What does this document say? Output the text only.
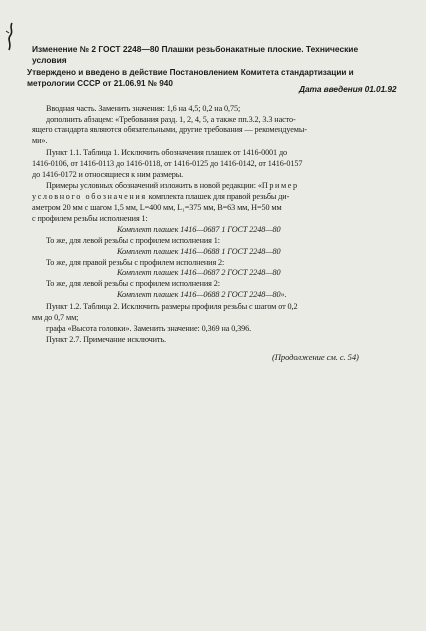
Изменение № 2 ГОСТ 2248—80 Плашки резьбонакатные плоские. Технические
условия
Утверждено и введено в действие Постановлением Комитета стандартизации и
метрологии СССР от 21.06.91 № 940
Дата введения 01.01.92
Вводная часть. Заменить значения: 1,6 на 4,5; 0,2 на 0,75;
дополнить абзацем: «Требования разд. 1, 2, 4, 5, а также пп.3.2, 3.3 насто-
ящего стандарта являются обязательными, другие требования — рекомендуемы-
ми».
Пункт 1.1. Таблица 1. Исключить обозначения плашек от 1416-0001 до
1416-0106, от 1416-0113 до 1416-0118, от 1416-0125 до 1416-0142, от 1416-0157
до 1416-0172 и относящиеся к ним размеры.
Примеры условных обозначений изложить в новой редакции: «Пример
условного обозначения комплекта плашек для правой резьбы ди-
аметром 20 мм с шагом 1,5 мм, L=400 мм, L₁=375 мм, B=63 мм, H=50 мм
с профилем резьбы исполнения 1:
Комплект плашек 1416—0687 1 ГОСТ 2248—80
То же, для левой резьбы с профилем исполнения 1:
Комплект плашек 1416—0688 1 ГОСТ 2248—80
То же, для правой резьбы с профилем исполнения 2:
Комплект плашек 1416—0687 2 ГОСТ 2248—80
То же, для левой резьбы с профилем исполнения 2:
Комплект плашек 1416—0688 2 ГОСТ 2248—80».
Пункт 1.2. Таблица 2. Исключить размеры профиля резьбы с шагом от 0,2
мм до 0,7 мм;
графа «Высота головки». Заменить значение: 0,369 на 0,396.
Пункт 2.7. Примечание исключить.
(Продолжение см. с. 54)
